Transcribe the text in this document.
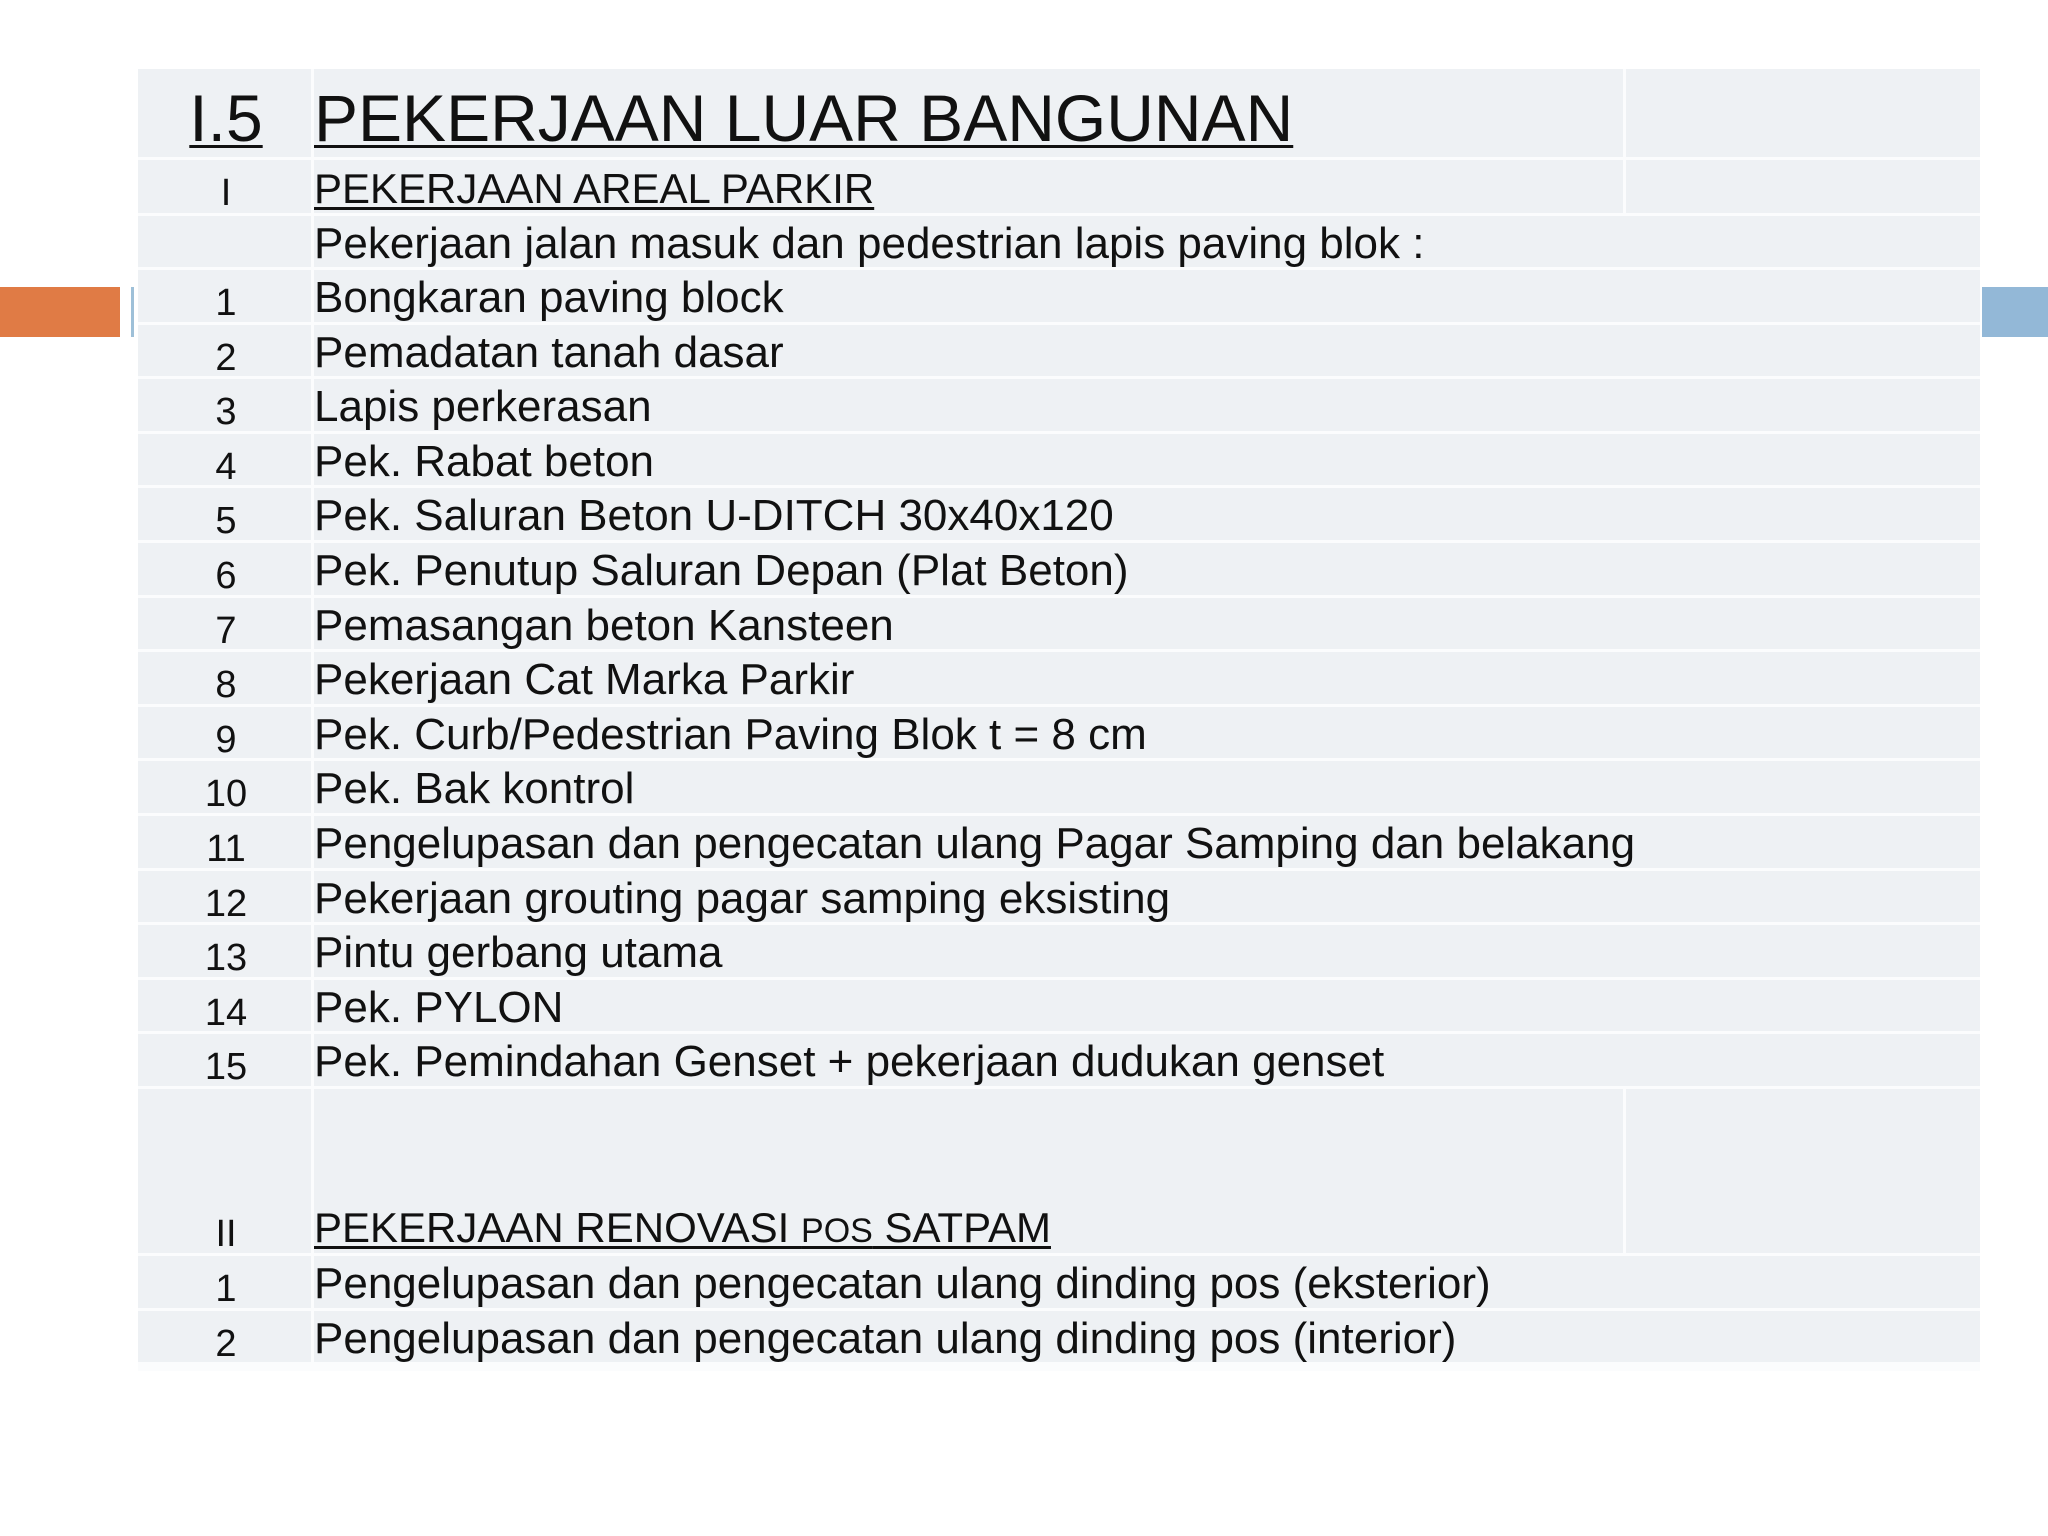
I.5 PEKERJAAN LUAR BANGUNAN
I	PEKERJAAN AREAL PARKIR
Pekerjaan jalan masuk dan pedestrian lapis paving blok :
1	Bongkaran paving block
2	Pemadatan tanah dasar
3	Lapis perkerasan
4	Pek. Rabat beton
5	Pek. Saluran Beton U-DITCH 30x40x120
6	Pek. Penutup Saluran Depan (Plat Beton)
7	Pemasangan beton Kansteen
8	Pekerjaan Cat Marka Parkir
9	Pek. Curb/Pedestrian Paving Blok t = 8 cm
10	Pek. Bak kontrol
11	Pengelupasan dan pengecatan ulang Pagar Samping dan belakang
12	Pekerjaan grouting pagar samping eksisting
13	Pintu gerbang utama
14	Pek. PYLON
15	Pek. Pemindahan Genset + pekerjaan dudukan genset
II	PEKERJAAN RENOVASI POS SATPAM
1	Pengelupasan dan pengecatan ulang dinding pos (eksterior)
2	Pengelupasan dan pengecatan ulang dinding pos (interior)
